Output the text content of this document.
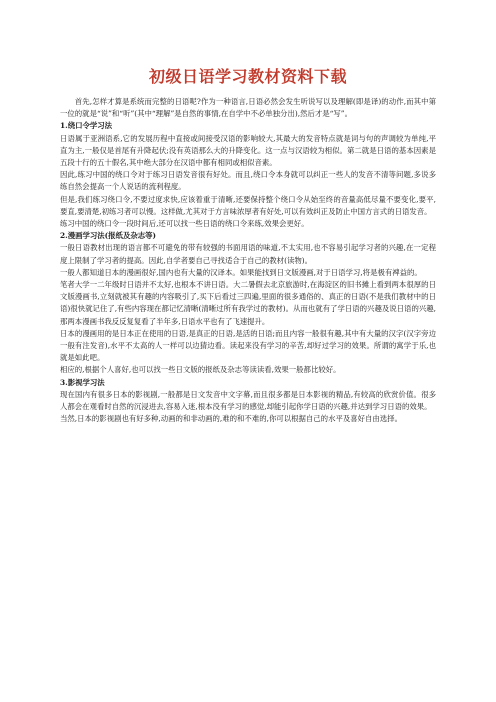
初级日语学习教材资料下载

首先,怎样才算是系统而完整的日语呢?作为一种语言,日语必然会发生听说写以及理解(即是译)的动作,而其中第一位的就是“说”和“听”(其中“理解”是自然的事情,在自学中不必单独分出),然后才是“写”。

1.绕口令学习法

日语属于亚洲语系,它的发展历程中直接或间接受汉语的影响较大,其最大的发音特点就是词与句的声调较为单纯,平直为主,一般仅是首尾有升降起伏;没有英语那么大的升降变化。这一点与汉语较为相似。第二就是日语的基本因素是五段十行的五十假名,其中绝大部分在汉语中都有相同或相似音素。

因此,练习中国的绕口令对于练习日语发音很有好处。而且,绕口令本身就可以纠正一些人的发音不清等问题,多说多练自然会提高一个人说话的流利程度。

但是,我们练习绕口令,不要过度求快,应该着重于清晰,还要保持整个绕口令从始至终的音量高低尽量不要变化,要平,要直,要清楚,初练习者可以慢。这样做,尤其对于方言味浓厚者有好处,可以有效纠正及防止中国方言式的日语发音。

练习中国的绕口令一段时间后,还可以找一些日语的绕口令来练,效果会更好。

2.漫画学习法(报纸及杂志等)

一般日语教材出现的语言都不可避免的带有较强的书面用语的味道,不太实用,也不容易引起学习者的兴趣,在一定程度上限制了学习者的提高。因此,自学者要自己寻找适合于自己的教材(读物)。

一般人都知道日本的漫画很好,国内也有大量的汉译本。如果能找到日文版漫画,对于日语学习,将是极有裨益的。

笔者大学一二年级时日语并不太好,也根本不讲日语。大二暑假去北京旅游时,在海淀区的旧书摊上看到两本很厚的日文版漫画书,立刻就被其有趣的内容吸引了,买下后看过三四遍,里面的很多通俗的、真正的日语(不是我们教材中的日语)很快就记住了,有些内容现在都记忆清晰(清晰过所有我学过的教材)。从而也就有了学日语的兴趣及说日语的兴趣,那两本漫画书我反反复复看了半年多,日语水平也有了飞速提升。

日本的漫画用的是日本正在使用的日语,是真正的日语,是活的日语;而且内容一般很有趣,其中有大量的汉字(汉字旁边一般有注发音),水平不太高的人一样可以边猜边看。读起来没有学习的辛苦,却好过学习的效果。所谓的寓学于乐,也就是如此吧。

相应的,根据个人喜好,也可以找一些日文版的报纸及杂志等读读看,效果一般都比较好。

3.影视学习法

现在国内有很多日本的影视剧,一般都是日文发音中文字幕,而且很多都是日本影视的精品,有较高的欣赏价值。很多人都会在观看时自然的沉浸进去,容易入迷,根本没有学习的感觉,却能引起你学日语的兴趣,并达到学习日语的效果。

当然,日本的影视剧也有好多种,动画的和非动画的,难的和不难的,你可以根据自己的水平及喜好自由选择。
